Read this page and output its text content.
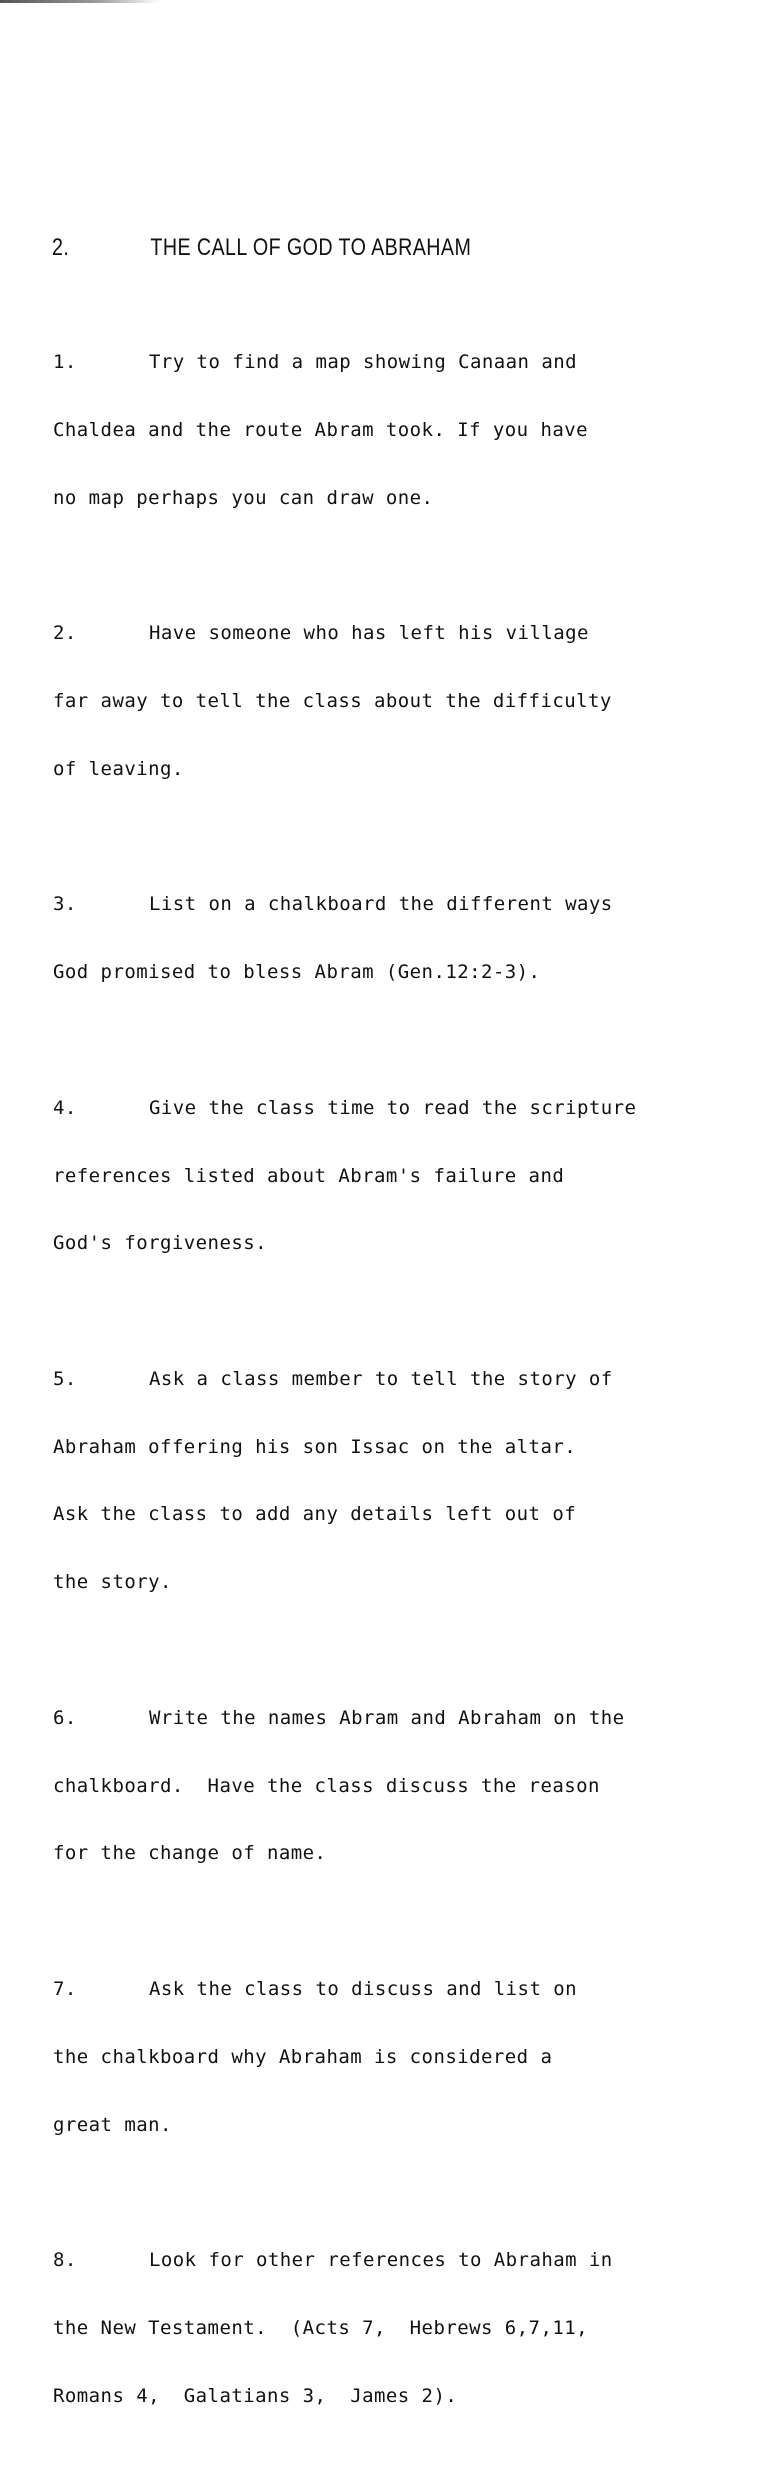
2.	THE CALL OF GOD TO ABRAHAM

1.	Try to find a map showing Canaan and

Chaldea and the route Abram took. If you have

no map perhaps you can draw one.

2.	Have someone who has left his village

far away to tell the class about the difficulty

of leaving.

3.	List on a chalkboard the different ways

God promised to bless Abram (Gen.12:2-3).

4.	Give the class time to read the scripture

references listed about Abram's failure and

God's forgiveness.

5.	Ask a class member to tell the story of

Abraham offering his son Issac on the altar.

Ask the class to add any details left out of

the story.

6.	Write the names Abram and Abraham on the

chalkboard.  Have the class discuss the reason

for the change of name.

7.	Ask the class to discuss and list on

the chalkboard why Abraham is considered a

great man.

8.	Look for other references to Abraham in

the New Testament.  (Acts 7,  Hebrews 6,7,11,

Romans 4,  Galatians 3,  James 2).
